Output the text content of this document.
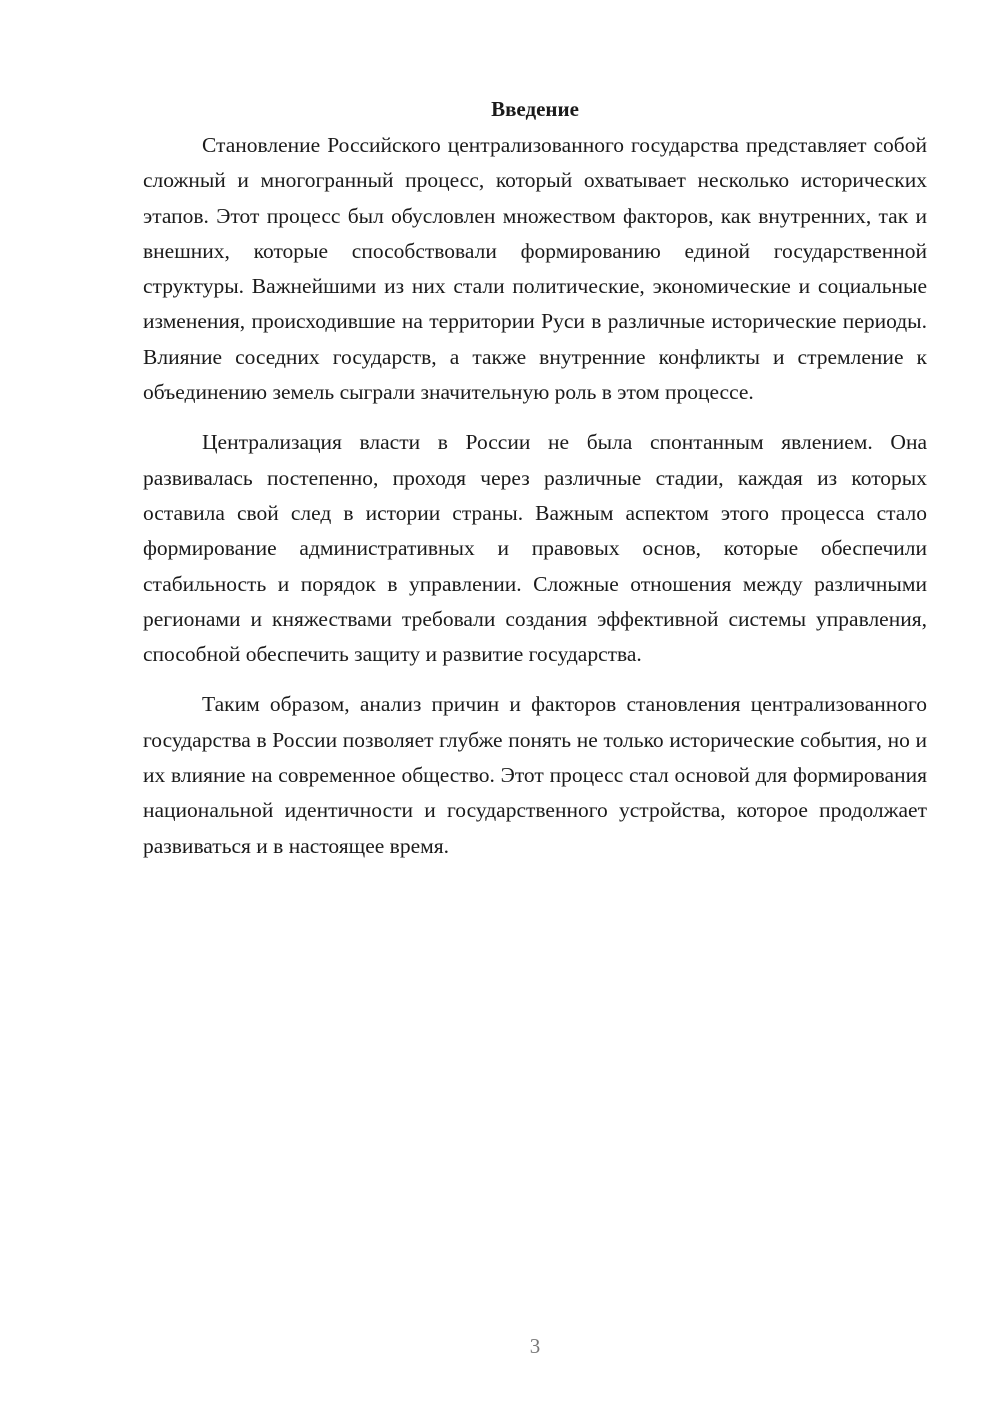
Введение

Становление Российского централизованного государства представляет собой сложный и многогранный процесс, который охватывает несколько исторических этапов. Этот процесс был обусловлен множеством факторов, как внутренних, так и внешних, которые способствовали формированию единой государственной структуры. Важнейшими из них стали политические, экономические и социальные изменения, происходившие на территории Руси в различные исторические периоды. Влияние соседних государств, а также внутренние конфликты и стремление к объединению земель сыграли значительную роль в этом процессе.

Централизация власти в России не была спонтанным явлением. Она развивалась постепенно, проходя через различные стадии, каждая из которых оставила свой след в истории страны. Важным аспектом этого процесса стало формирование административных и правовых основ, которые обеспечили стабильность и порядок в управлении. Сложные отношения между различными регионами и княжествами требовали создания эффективной системы управления, способной обеспечить защиту и развитие государства.

Таким образом, анализ причин и факторов становления централизованного государства в России позволяет глубже понять не только исторические события, но и их влияние на современное общество. Этот процесс стал основой для формирования национальной идентичности и государственного устройства, которое продолжает развиваться и в настоящее время.

3
